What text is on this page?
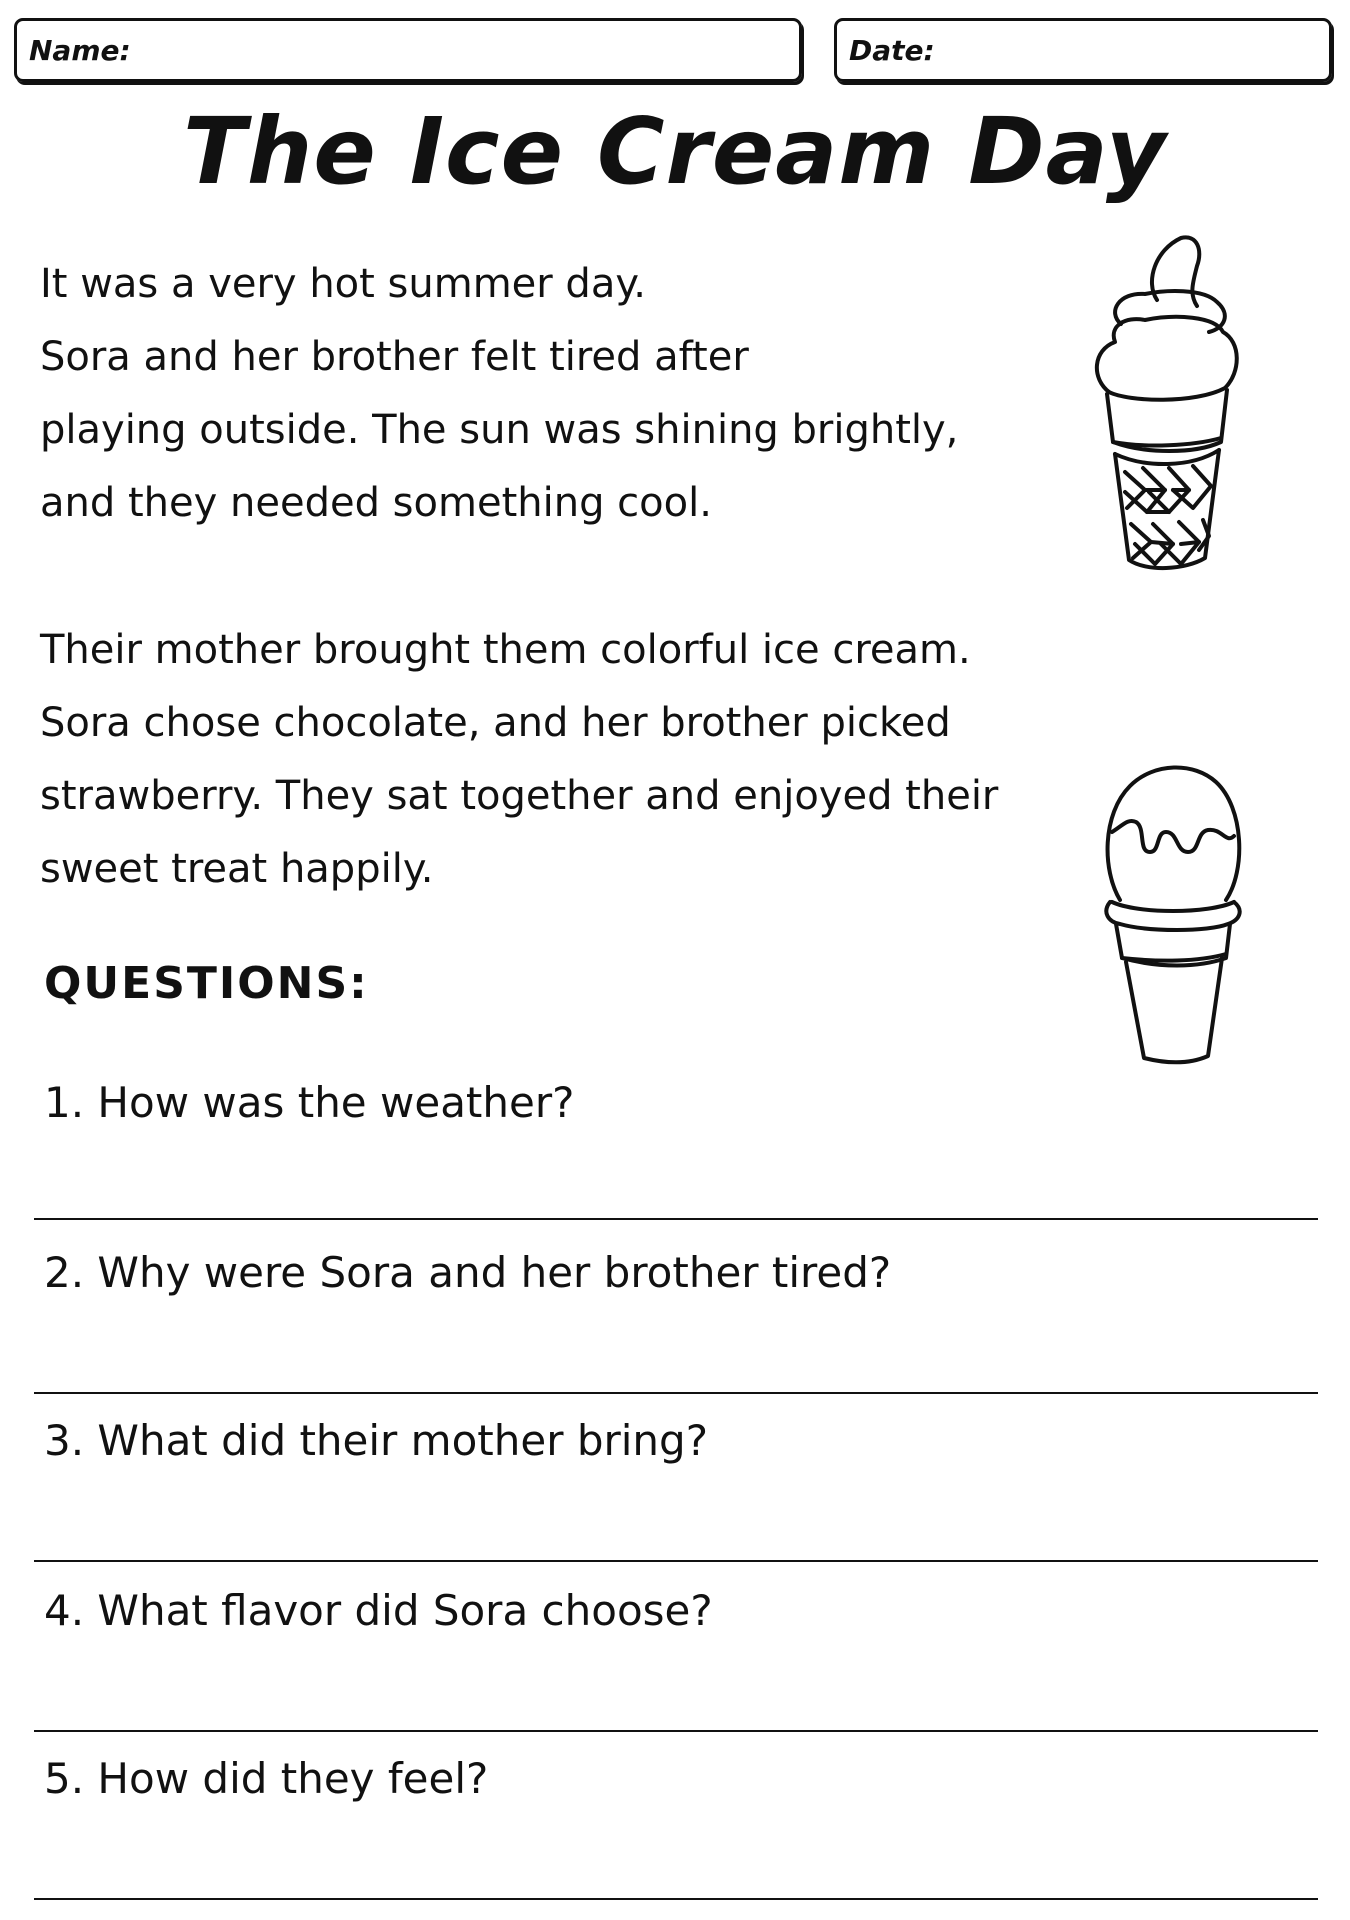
Name:	Date:
The Ice Cream Day

It was a very hot summer day.
Sora and her brother felt tired after
playing outside. The sun was shining brightly,
and they needed something cool.

Their mother brought them colorful ice cream.
Sora chose chocolate, and her brother picked
strawberry. They sat together and enjoyed their
sweet treat happily.

QUESTIONS:
1. How was the weather?
2. Why were Sora and her brother tired?
3. What did their mother bring?
4. What flavor did Sora choose?
5. How did they feel?
